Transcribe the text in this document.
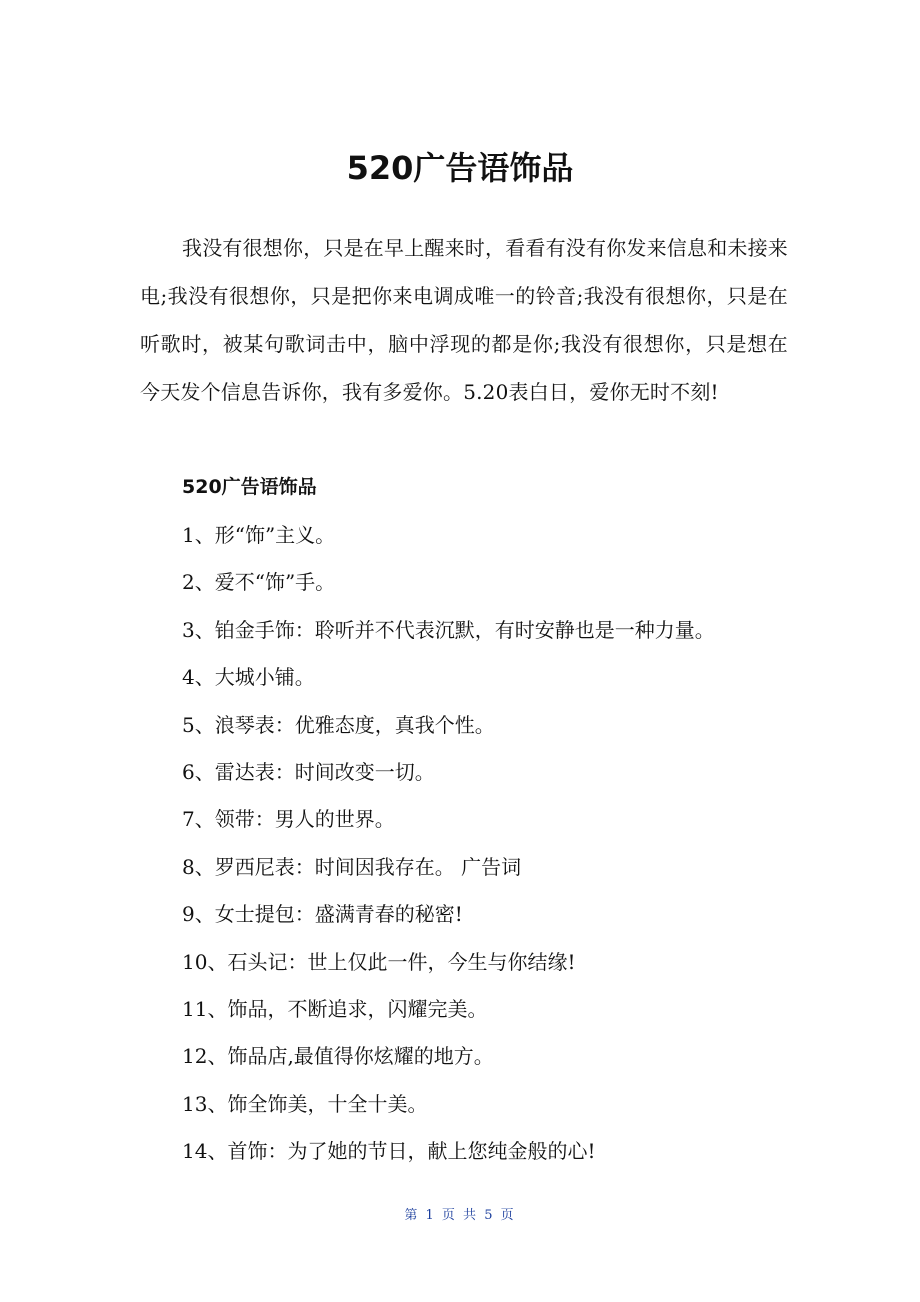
520广告语饰品

我没有很想你，只是在早上醒来时，看看有没有你发来信息和未接来电;我没有很想你，只是把你来电调成唯一的铃音;我没有很想你，只是在听歌时，被某句歌词击中，脑中浮现的都是你;我没有很想你，只是想在今天发个信息告诉你，我有多爱你。5.20表白日，爱你无时不刻!

520广告语饰品
1、形“饰”主义。
2、爱不“饰”手。
3、铂金手饰：聆听并不代表沉默，有时安静也是一种力量。
4、大城小铺。
5、浪琴表：优雅态度，真我个性。
6、雷达表：时间改变一切。
7、领带：男人的世界。
8、罗西尼表：时间因我存在。 广告词
9、女士提包：盛满青春的秘密!
10、石头记：世上仅此一件，今生与你结缘!
11、饰品，不断追求，闪耀完美。
12、饰品店,最值得你炫耀的地方。
13、饰全饰美，十全十美。
14、首饰：为了她的节日，献上您纯金般的心!
第 1 页 共 5 页
